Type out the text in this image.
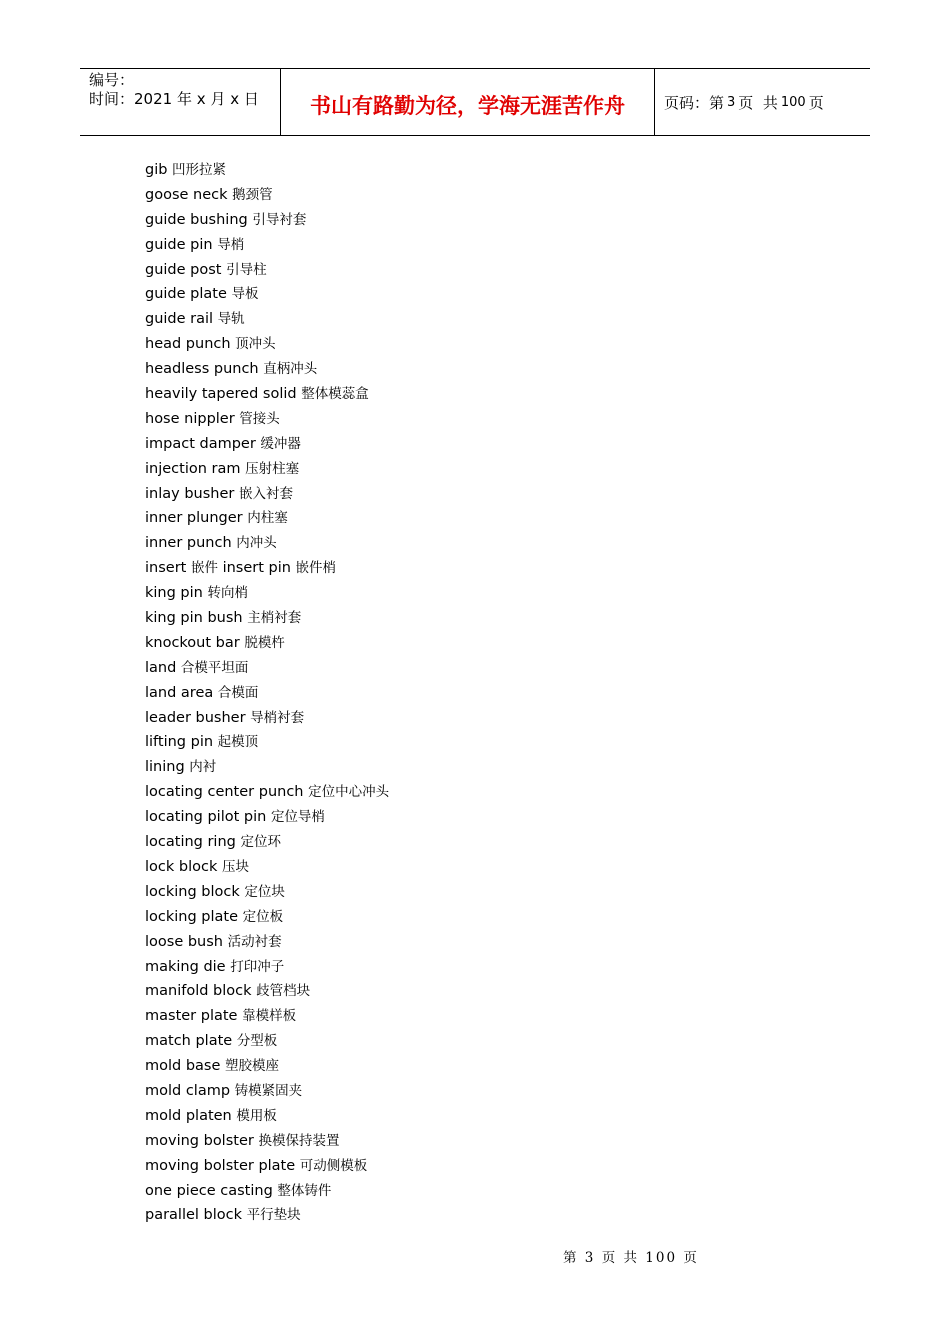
编号：
时间：2021 年 x 月 x 日	书山有路勤为径，学海无涯苦作舟	页码：第 3 页
共 100 页
gib 凹形拉紧
goose neck 鹅颈管
guide bushing 引导衬套
guide pin 导梢
guide post 引导柱
guide plate 导板
guide rail 导轨
head punch 顶冲头
headless punch 直柄冲头
heavily tapered solid 整体模蕊盒
hose nippler 管接头
impact damper 缓冲器
injection ram 压射柱塞
inlay busher 嵌入衬套
inner plunger 内柱塞
inner punch 内冲头
insert 嵌件 insert pin 嵌件梢
king pin 转向梢
king pin bush 主梢衬套
knockout bar 脱模杵
land 合模平坦面
land area 合模面
leader busher 导梢衬套
lifting pin 起模顶
lining 内衬
locating center punch 定位中心冲头
locating pilot pin 定位导梢
locating ring 定位环
lock block 压块
locking block 定位块
locking plate 定位板
loose bush 活动衬套
making die 打印冲子
manifold block 歧管档块
master plate 靠模样板
match plate 分型板
mold base 塑胶模座
mold clamp 铸模紧固夹
mold platen 模用板
moving bolster 换模保持装置
moving bolster plate 可动侧模板
one piece casting 整体铸件
parallel block 平行垫块
第 3 页 共 100 页
